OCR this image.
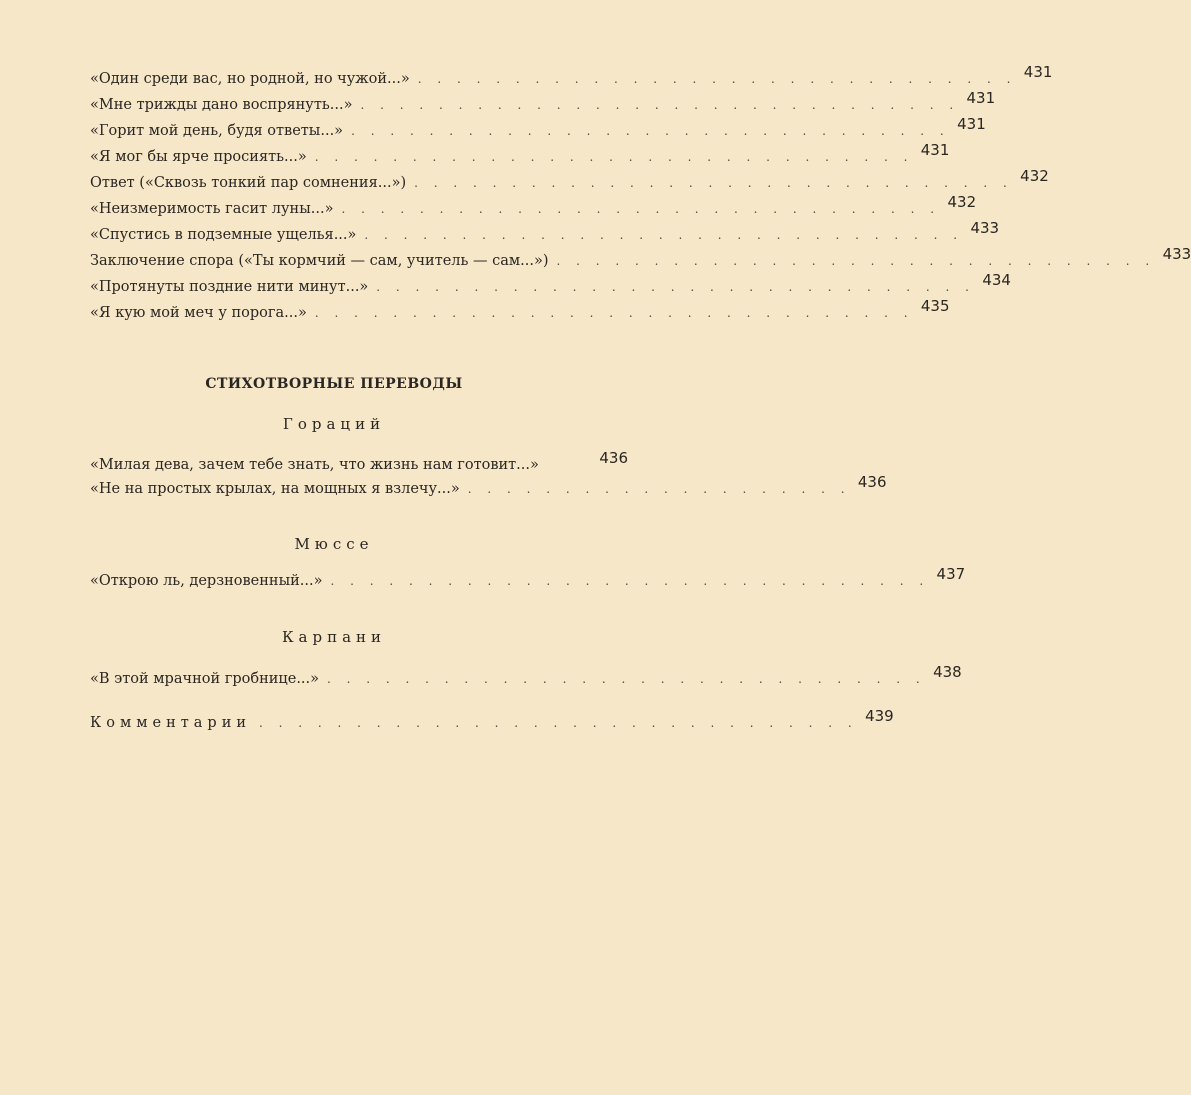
«Один среди вас, но родной, но чужой...» . . . . . . . . . . . . . . . . . . . . . . . . . . . . . . . 431
«Мне трижды дано воспрянуть...» . . . . . . . . . . . . . . . . . . . . . . . . . . . . . . . 431
«Горит мой день, будя ответы...» . . . . . . . . . . . . . . . . . . . . . . . . . . . . . . . 431
«Я мог бы ярче просиять...» . . . . . . . . . . . . . . . . . . . . . . . . . . . . . . . 431
Ответ («Сквозь тонкий пар сомнения...») . . . . . . . . . . . . . . . . . . . . . . . . . . . . . . . 432
«Неизмеримость гасит луны...» . . . . . . . . . . . . . . . . . . . . . . . . . . . . . . . 432
«Спустись в подземные ущелья...» . . . . . . . . . . . . . . . . . . . . . . . . . . . . . . . 433
Заключение спора («Ты кормчий — сам, учитель — сам...») . . . . . . . . . . . . . . . . . . . . . . . . . . . . . . . 433
«Протянуты поздние нити минут...» . . . . . . . . . . . . . . . . . . . . . . . . . . . . . . . 434
«Я кую мой меч у порога...» . . . . . . . . . . . . . . . . . . . . . . . . . . . . . . . 435
СТИХОТВОРНЫЕ ПЕРЕВОДЫ
Гораций
«Милая дева, зачем тебе знать, что жизнь нам готовит...»	436
«Не на простых крылах, на мощных я взлечу...» . . . . . . . . . . . . . . . . . . . . 436
Мюссе
«Открою ль, дерзновенный...» . . . . . . . . . . . . . . . . . . . . . . . . . . . . . . . 437
Карпани
«В этой мрачной гробнице...» . . . . . . . . . . . . . . . . . . . . . . . . . . . . . . . 438
Комментарии . . . . . . . . . . . . . . . . . . . . . . . . . . . . . . . 439
